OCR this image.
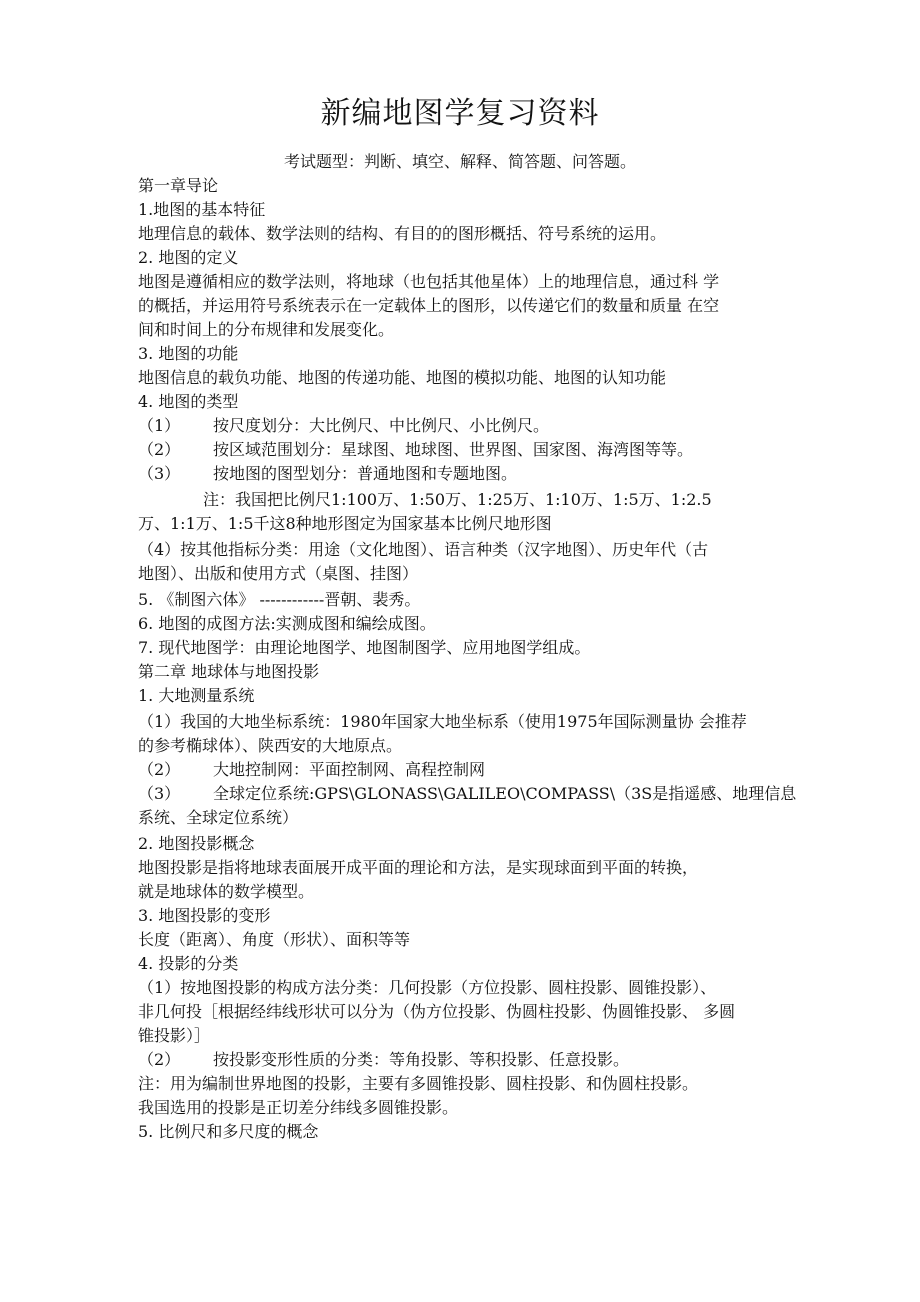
新编地图学复习资料
考试题型：判断、填空、解释、简答题、问答题。
第一章导论
1.地图的基本特征
地理信息的载体、数学法则的结构、有目的的图形概括、符号系统的运用。
2. 地图的定义
地图是遵循相应的数学法则，将地球（也包括其他星体）上的地理信息，通过科 学
的概括，并运用符号系统表示在一定载体上的图形，以传递它们的数量和质量 在空
间和时间上的分布规律和发展变化。
3. 地图的功能
地图信息的载负功能、地图的传递功能、地图的模拟功能、地图的认知功能
4. 地图的类型
（1） 按尺度划分：大比例尺、中比例尺、小比例尺。
（2） 按区域范围划分：星球图、地球图、世界图、国家图、海湾图等等。
（3） 按地图的图型划分：普通地图和专题地图。
注：我国把比例尺1:100万、1:50万、1:25万、1:10万、1:5万、1:2.5
万、1:1万、1:5千这8种地形图定为国家基本比例尺地形图
（4）按其他指标分类：用途（文化地图）、语言种类（汉字地图）、历史年代（古
地图）、出版和使用方式（桌图、挂图）
5. 《制图六体》 ------------晋朝、裴秀。
6. 地图的成图方法:实测成图和编绘成图。
7. 现代地图学：由理论地图学、地图制图学、应用地图学组成。
第二章 地球体与地图投影
1. 大地测量系统
（1）我国的大地坐标系统：1980年国家大地坐标系（使用1975年国际测量协 会推荐
的参考椭球体）、陕西安的大地原点。
（2） 大地控制网：平面控制网、高程控制网
（3） 全球定位系统:GPS\GLONASS\GALILEO\COMPASS\（3S是指遥感、地理信息
系统、全球定位系统）
2. 地图投影概念
地图投影是指将地球表面展开成平面的理论和方法，是实现球面到平面的转换，
就是地球体的数学模型。
3. 地图投影的变形
长度（距离）、角度（形状）、面积等等
4. 投影的分类
（1）按地图投影的构成方法分类：几何投影（方位投影、圆柱投影、圆锥投影）、
非几何投［根据经纬线形状可以分为（伪方位投影、伪圆柱投影、伪圆锥投影、 多圆
锥投影）］
（2） 按投影变形性质的分类：等角投影、等积投影、任意投影。
注：用为编制世界地图的投影，主要有多圆锥投影、圆柱投影、和伪圆柱投影。
我国选用的投影是正切差分纬线多圆锥投影。
5. 比例尺和多尺度的概念
